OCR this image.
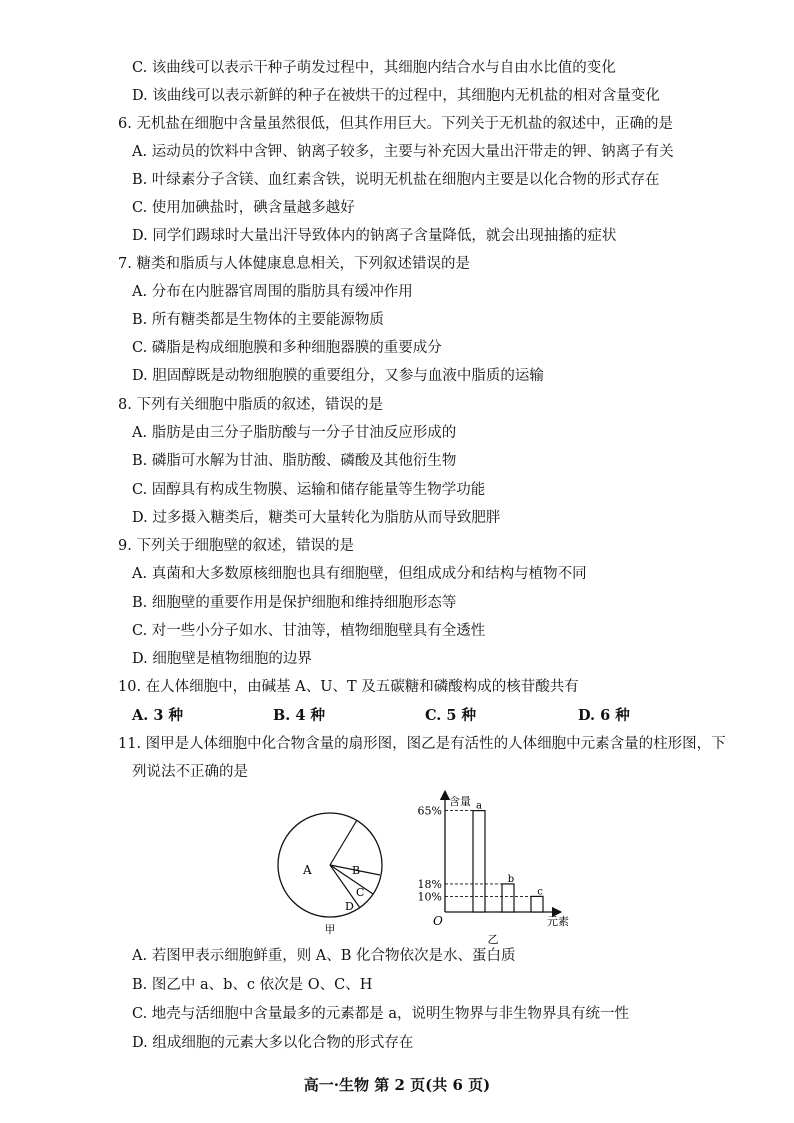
C. 该曲线可以表示干种子萌发过程中，其细胞内结合水与自由水比值的变化
D. 该曲线可以表示新鲜的种子在被烘干的过程中，其细胞内无机盐的相对含量变化
6. 无机盐在细胞中含量虽然很低，但其作用巨大。下列关于无机盐的叙述中，正确的是
A. 运动员的饮料中含钾、钠离子较多，主要与补充因大量出汗带走的钾、钠离子有关
B. 叶绿素分子含镁、血红素含铁，说明无机盐在细胞内主要是以化合物的形式存在
C. 使用加碘盐时，碘含量越多越好
D. 同学们踢球时大量出汗导致体内的钠离子含量降低，就会出现抽搐的症状
7. 糖类和脂质与人体健康息息相关，下列叙述错误的是
A. 分布在内脏器官周围的脂肪具有缓冲作用
B. 所有糖类都是生物体的主要能源物质
C. 磷脂是构成细胞膜和多种细胞器膜的重要成分
D. 胆固醇既是动物细胞膜的重要组分，又参与血液中脂质的运输
8. 下列有关细胞中脂质的叙述，错误的是
A. 脂肪是由三分子脂肪酸与一分子甘油反应形成的
B. 磷脂可水解为甘油、脂肪酸、磷酸及其他衍生物
C. 固醇具有构成生物膜、运输和储存能量等生物学功能
D. 过多摄入糖类后，糖类可大量转化为脂肪从而导致肥胖
9. 下列关于细胞壁的叙述，错误的是
A. 真菌和大多数原核细胞也具有细胞壁，但组成成分和结构与植物不同
B. 细胞壁的重要作用是保护细胞和维持细胞形态等
C. 对一些小分子如水、甘油等，植物细胞壁具有全透性
D. 细胞壁是植物细胞的边界
10. 在人体细胞中，由碱基 A、U、T 及五碳糖和磷酸构成的核苷酸共有
A. 3 种	B. 4 种	C. 5 种	D. 6 种
11. 图甲是人体细胞中化合物含量的扇形图，图乙是有活性的人体细胞中元素含量的柱形图，下
列说法不正确的是
A	B
C
D
甲
含量
元素
O
a
65%
b
18%
c
10%
乙
A. 若图甲表示细胞鲜重，则 A、B 化合物依次是水、蛋白质
B. 图乙中 a、b、c 依次是 O、C、H
C. 地壳与活细胞中含量最多的元素都是 a，说明生物界与非生物界具有统一性
D. 组成细胞的元素大多以化合物的形式存在
高一·生物 第 2 页(共 6 页)
